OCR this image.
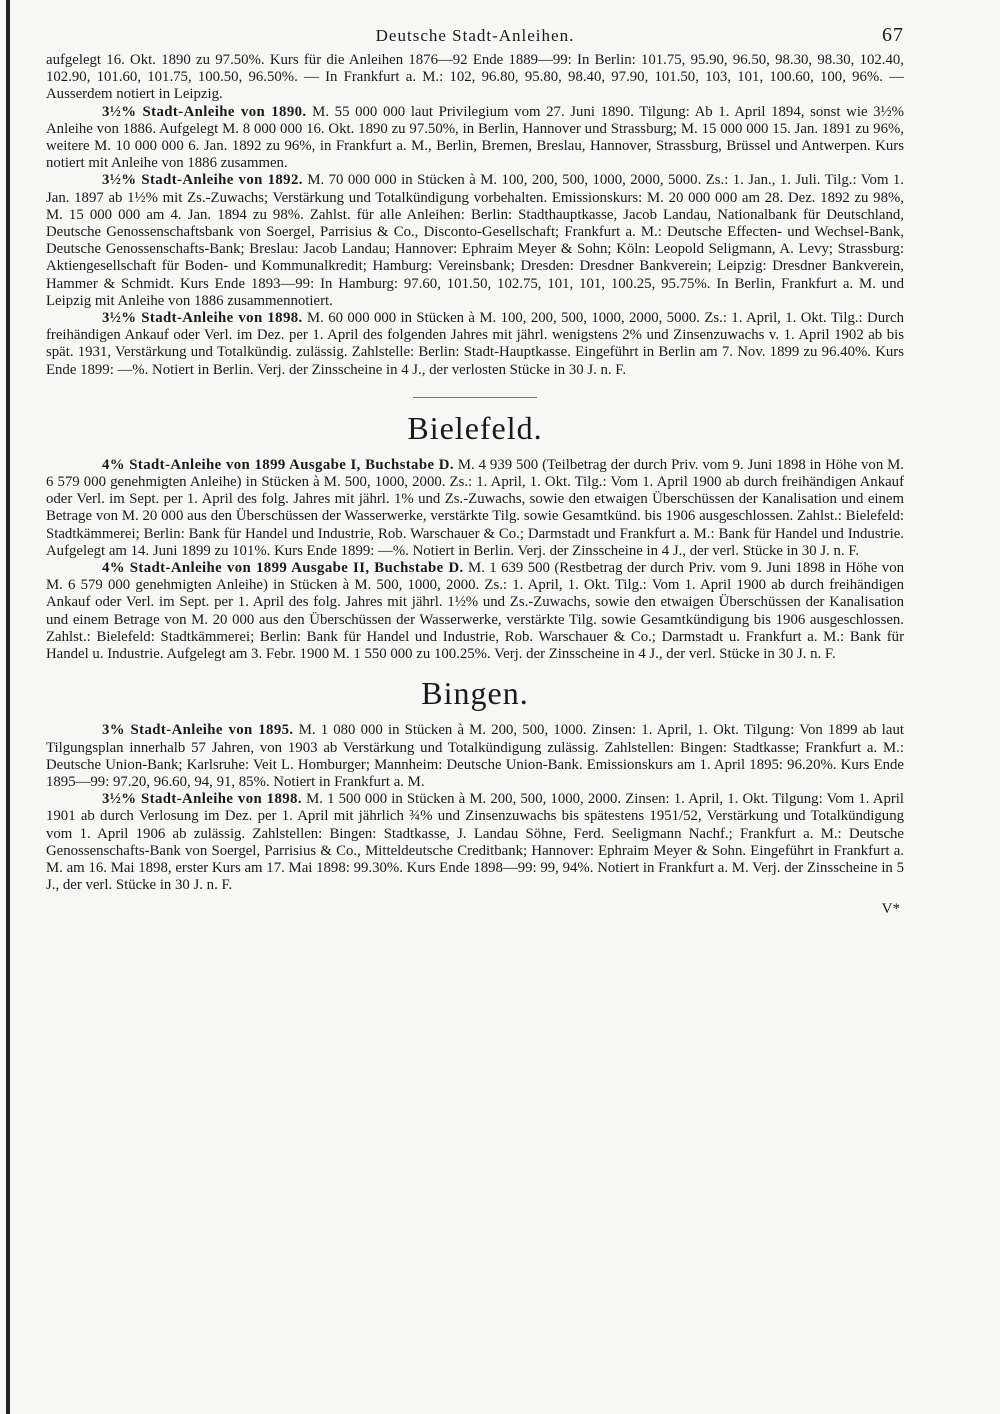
Deutsche Stadt-Anleihen.	67

aufgelegt 16. Okt. 1890 zu 97.50%. Kurs für die Anleihen 1876—92 Ende 1889—99: In Berlin: 101.75, 95.90, 96.50, 98.30, 98.30, 102.40, 102.90, 101.60, 101.75, 100.50, 96.50%. — In Frankfurt a. M.: 102, 96.80, 95.80, 98.40, 97.90, 101.50, 103, 101, 100.60, 100, 96%. — Ausserdem notiert in Leipzig.

3½% Stadt-Anleihe von 1890. M. 55 000 000 laut Privilegium vom 27. Juni 1890. Tilgung: Ab 1. April 1894, sonst wie 3½% Anleihe von 1886. Aufgelegt M. 8 000 000 16. Okt. 1890 zu 97.50%, in Berlin, Hannover und Strassburg; M. 15 000 000 15. Jan. 1891 zu 96%, weitere M. 10 000 000 6. Jan. 1892 zu 96%, in Frankfurt a. M., Berlin, Bremen, Breslau, Hannover, Strassburg, Brüssel und Antwerpen. Kurs notiert mit Anleihe von 1886 zusammen.

3½% Stadt-Anleihe von 1892. M. 70 000 000 in Stücken à M. 100, 200, 500, 1000, 2000, 5000. Zs.: 1. Jan., 1. Juli. Tilg.: Vom 1. Jan. 1897 ab 1½% mit Zs.-Zuwachs; Verstärkung und Totalkündigung vorbehalten. Emissionskurs: M. 20 000 000 am 28. Dez. 1892 zu 98%, M. 15 000 000 am 4. Jan. 1894 zu 98%. Zahlst. für alle Anleihen: Berlin: Stadthauptkasse, Jacob Landau, Nationalbank für Deutschland, Deutsche Genossenschaftsbank von Soergel, Parrisius & Co., Disconto-Gesellschaft; Frankfurt a. M.: Deutsche Effecten- und Wechsel-Bank, Deutsche Genossenschafts-Bank; Breslau: Jacob Landau; Hannover: Ephraim Meyer & Sohn; Köln: Leopold Seligmann, A. Levy; Strassburg: Aktiengesellschaft für Boden- und Kommunalkredit; Hamburg: Vereinsbank; Dresden: Dresdner Bankverein; Leipzig: Dresdner Bankverein, Hammer & Schmidt. Kurs Ende 1893—99: In Hamburg: 97.60, 101.50, 102.75, 101, 101, 100.25, 95.75%. In Berlin, Frankfurt a. M. und Leipzig mit Anleihe von 1886 zusammennotiert.

3½% Stadt-Anleihe von 1898. M. 60 000 000 in Stücken à M. 100, 200, 500, 1000, 2000, 5000. Zs.: 1. April, 1. Okt. Tilg.: Durch freihändigen Ankauf oder Verl. im Dez. per 1. April des folgenden Jahres mit jährl. wenigstens 2% und Zinsenzuwachs v. 1. April 1902 ab bis spät. 1931, Verstärkung und Totalkündig. zulässig. Zahlstelle: Berlin: Stadt-Hauptkasse. Eingeführt in Berlin am 7. Nov. 1899 zu 96.40%. Kurs Ende 1899: —%. Notiert in Berlin. Verj. der Zinsscheine in 4 J., der verlosten Stücke in 30 J. n. F.

Bielefeld.

4% Stadt-Anleihe von 1899 Ausgabe I, Buchstabe D. M. 4 939 500 (Teilbetrag der durch Priv. vom 9. Juni 1898 in Höhe von M. 6 579 000 genehmigten Anleihe) in Stücken à M. 500, 1000, 2000. Zs.: 1. April, 1. Okt. Tilg.: Vom 1. April 1900 ab durch freihändigen Ankauf oder Verl. im Sept. per 1. April des folg. Jahres mit jährl. 1% und Zs.-Zuwachs, sowie den etwaigen Überschüssen der Kanalisation und einem Betrage von M. 20 000 aus den Überschüssen der Wasserwerke, verstärkte Tilg. sowie Gesamtkünd. bis 1906 ausgeschlossen. Zahlst.: Bielefeld: Stadtkämmerei; Berlin: Bank für Handel und Industrie, Rob. Warschauer & Co.; Darmstadt und Frankfurt a. M.: Bank für Handel und Industrie. Aufgelegt am 14. Juni 1899 zu 101%. Kurs Ende 1899: —%. Notiert in Berlin. Verj. der Zinsscheine in 4 J., der verl. Stücke in 30 J. n. F.

4% Stadt-Anleihe von 1899 Ausgabe II, Buchstabe D. M. 1 639 500 (Restbetrag der durch Priv. vom 9. Juni 1898 in Höhe von M. 6 579 000 genehmigten Anleihe) in Stücken à M. 500, 1000, 2000. Zs.: 1. April, 1. Okt. Tilg.: Vom 1. April 1900 ab durch freihändigen Ankauf oder Verl. im Sept. per 1. April des folg. Jahres mit jährl. 1½% und Zs.-Zuwachs, sowie den etwaigen Überschüssen der Kanalisation und einem Betrage von M. 20 000 aus den Überschüssen der Wasserwerke, verstärkte Tilg. sowie Gesamtkündigung bis 1906 ausgeschlossen. Zahlst.: Bielefeld: Stadtkämmerei; Berlin: Bank für Handel und Industrie, Rob. Warschauer & Co.; Darmstadt u. Frankfurt a. M.: Bank für Handel u. Industrie. Aufgelegt am 3. Febr. 1900 M. 1 550 000 zu 100.25%. Verj. der Zinsscheine in 4 J., der verl. Stücke in 30 J. n. F.

Bingen.

3% Stadt-Anleihe von 1895. M. 1 080 000 in Stücken à M. 200, 500, 1000. Zinsen: 1. April, 1. Okt. Tilgung: Von 1899 ab laut Tilgungsplan innerhalb 57 Jahren, von 1903 ab Verstärkung und Totalkündigung zulässig. Zahlstellen: Bingen: Stadtkasse; Frankfurt a. M.: Deutsche Union-Bank; Karlsruhe: Veit L. Homburger; Mannheim: Deutsche Union-Bank. Emissionskurs am 1. April 1895: 96.20%. Kurs Ende 1895—99: 97.20, 96.60, 94, 91, 85%. Notiert in Frankfurt a. M.

3½% Stadt-Anleihe von 1898. M. 1 500 000 in Stücken à M. 200, 500, 1000, 2000. Zinsen: 1. April, 1. Okt. Tilgung: Vom 1. April 1901 ab durch Verlosung im Dez. per 1. April mit jährlich ¾% und Zinsenzuwachs bis spätestens 1951/52, Verstärkung und Totalkündigung vom 1. April 1906 ab zulässig. Zahlstellen: Bingen: Stadtkasse, J. Landau Söhne, Ferd. Seeligmann Nachf.; Frankfurt a. M.: Deutsche Genossenschafts-Bank von Soergel, Parrisius & Co., Mitteldeutsche Creditbank; Hannover: Ephraim Meyer & Sohn. Eingeführt in Frankfurt a. M. am 16. Mai 1898, erster Kurs am 17. Mai 1898: 99.30%. Kurs Ende 1898—99: 99, 94%. Notiert in Frankfurt a. M. Verj. der Zinsscheine in 5 J., der verl. Stücke in 30 J. n. F.

V*
